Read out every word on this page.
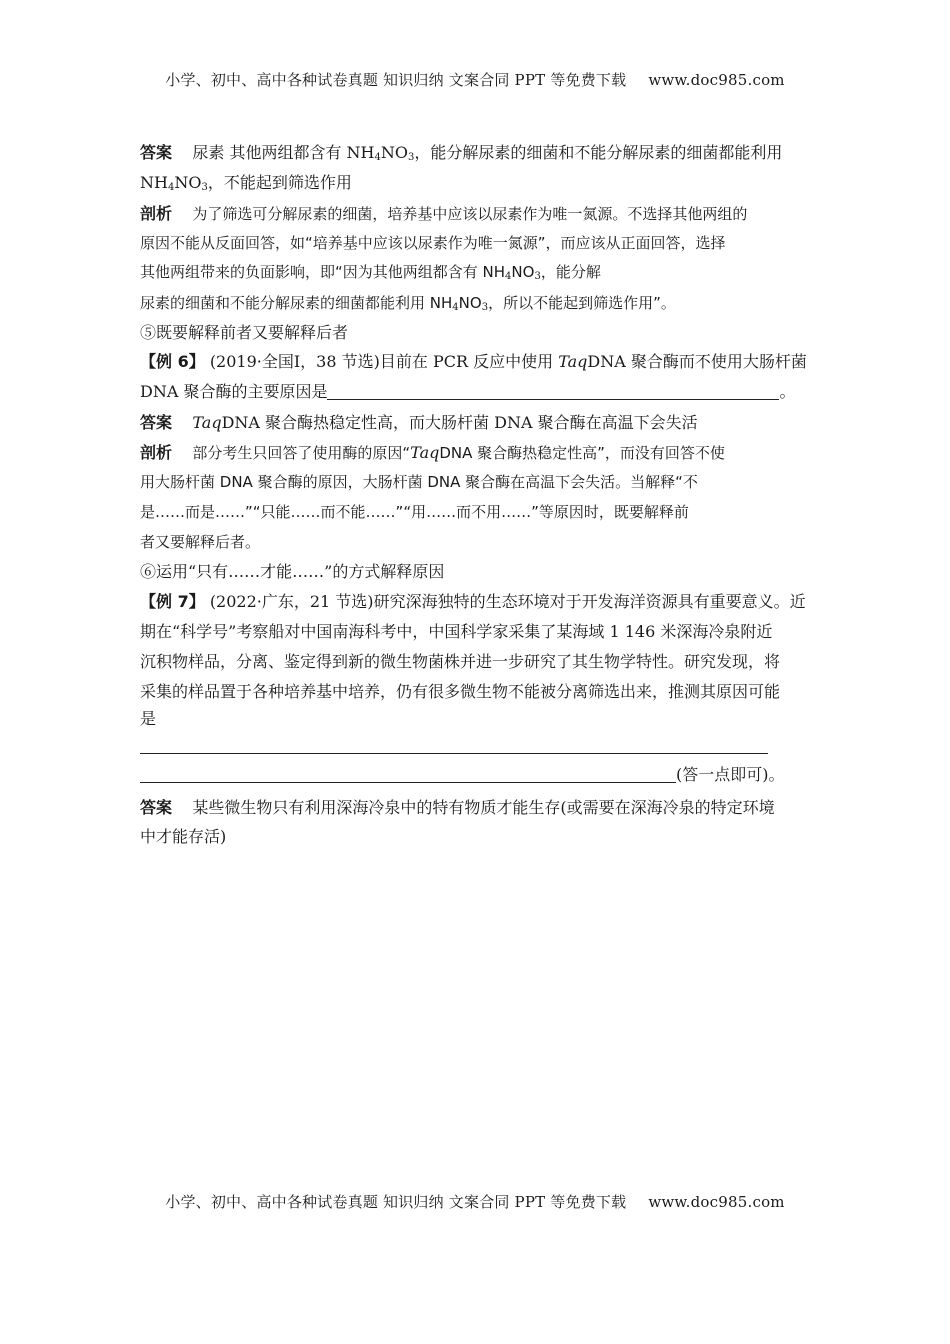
小学、初中、高中各种试卷真题 知识归纳 文案合同 PPT 等免费下载 www.doc985.com
答案 尿素 其他两组都含有 $NH_4NO_3$，能分解尿素的细菌和不能分解尿素的细菌都能利用
$NH_4NO_3$，不能起到筛选作用
剖析 为了筛选可分解尿素的细菌，培养基中应该以尿素作为唯一氮源。不选择其他两组的
原因不能从反面回答，如“培养基中应该以尿素作为唯一氮源”，而应该从正面回答，选择
其他两组带来的负面影响，即“因为其他两组都含有 $NH_4NO_3$，能分解
尿素的细菌和不能分解尿素的细菌都能利用 $NH_4NO_3$，所以不能起到筛选作用”。
⑤既要解释前者又要解释后者
【例 6】 (2019·全国Ⅰ，38 节选)目前在 PCR 反应中使用 TaqDNA 聚合酶而不使用大肠杆菌
DNA 聚合酶的主要原因是	。
答案 TaqDNA 聚合酶热稳定性高，而大肠杆菌 DNA 聚合酶在高温下会失活
剖析 部分考生只回答了使用酶的原因“TaqDNA 聚合酶热稳定性高”，而没有回答不使
用大肠杆菌 DNA 聚合酶的原因，大肠杆菌 DNA 聚合酶在高温下会失活。当解释“不
是……而是……”“只能……而不能……”“用……而不用……”等原因时，既要解释前
者又要解释后者。
⑥运用“只有……才能……”的方式解释原因
【例 7】 (2022·广东，21 节选)研究深海独特的生态环境对于开发海洋资源具有重要意义。近
期在“科学号”考察船对中国南海科考中，中国科学家采集了某海域 1 146 米深海冷泉附近
沉积物样品，分离、鉴定得到新的微生物菌株并进一步研究了其生物学特性。研究发现，将
采集的样品置于各种培养基中培养，仍有很多微生物不能被分离筛选出来，推测其原因可能
是
(答一点即可)。
答案 某些微生物只有利用深海冷泉中的特有物质才能生存(或需要在深海冷泉的特定环境
中才能存活)
小学、初中、高中各种试卷真题 知识归纳 文案合同 PPT 等免费下载 www.doc985.com
